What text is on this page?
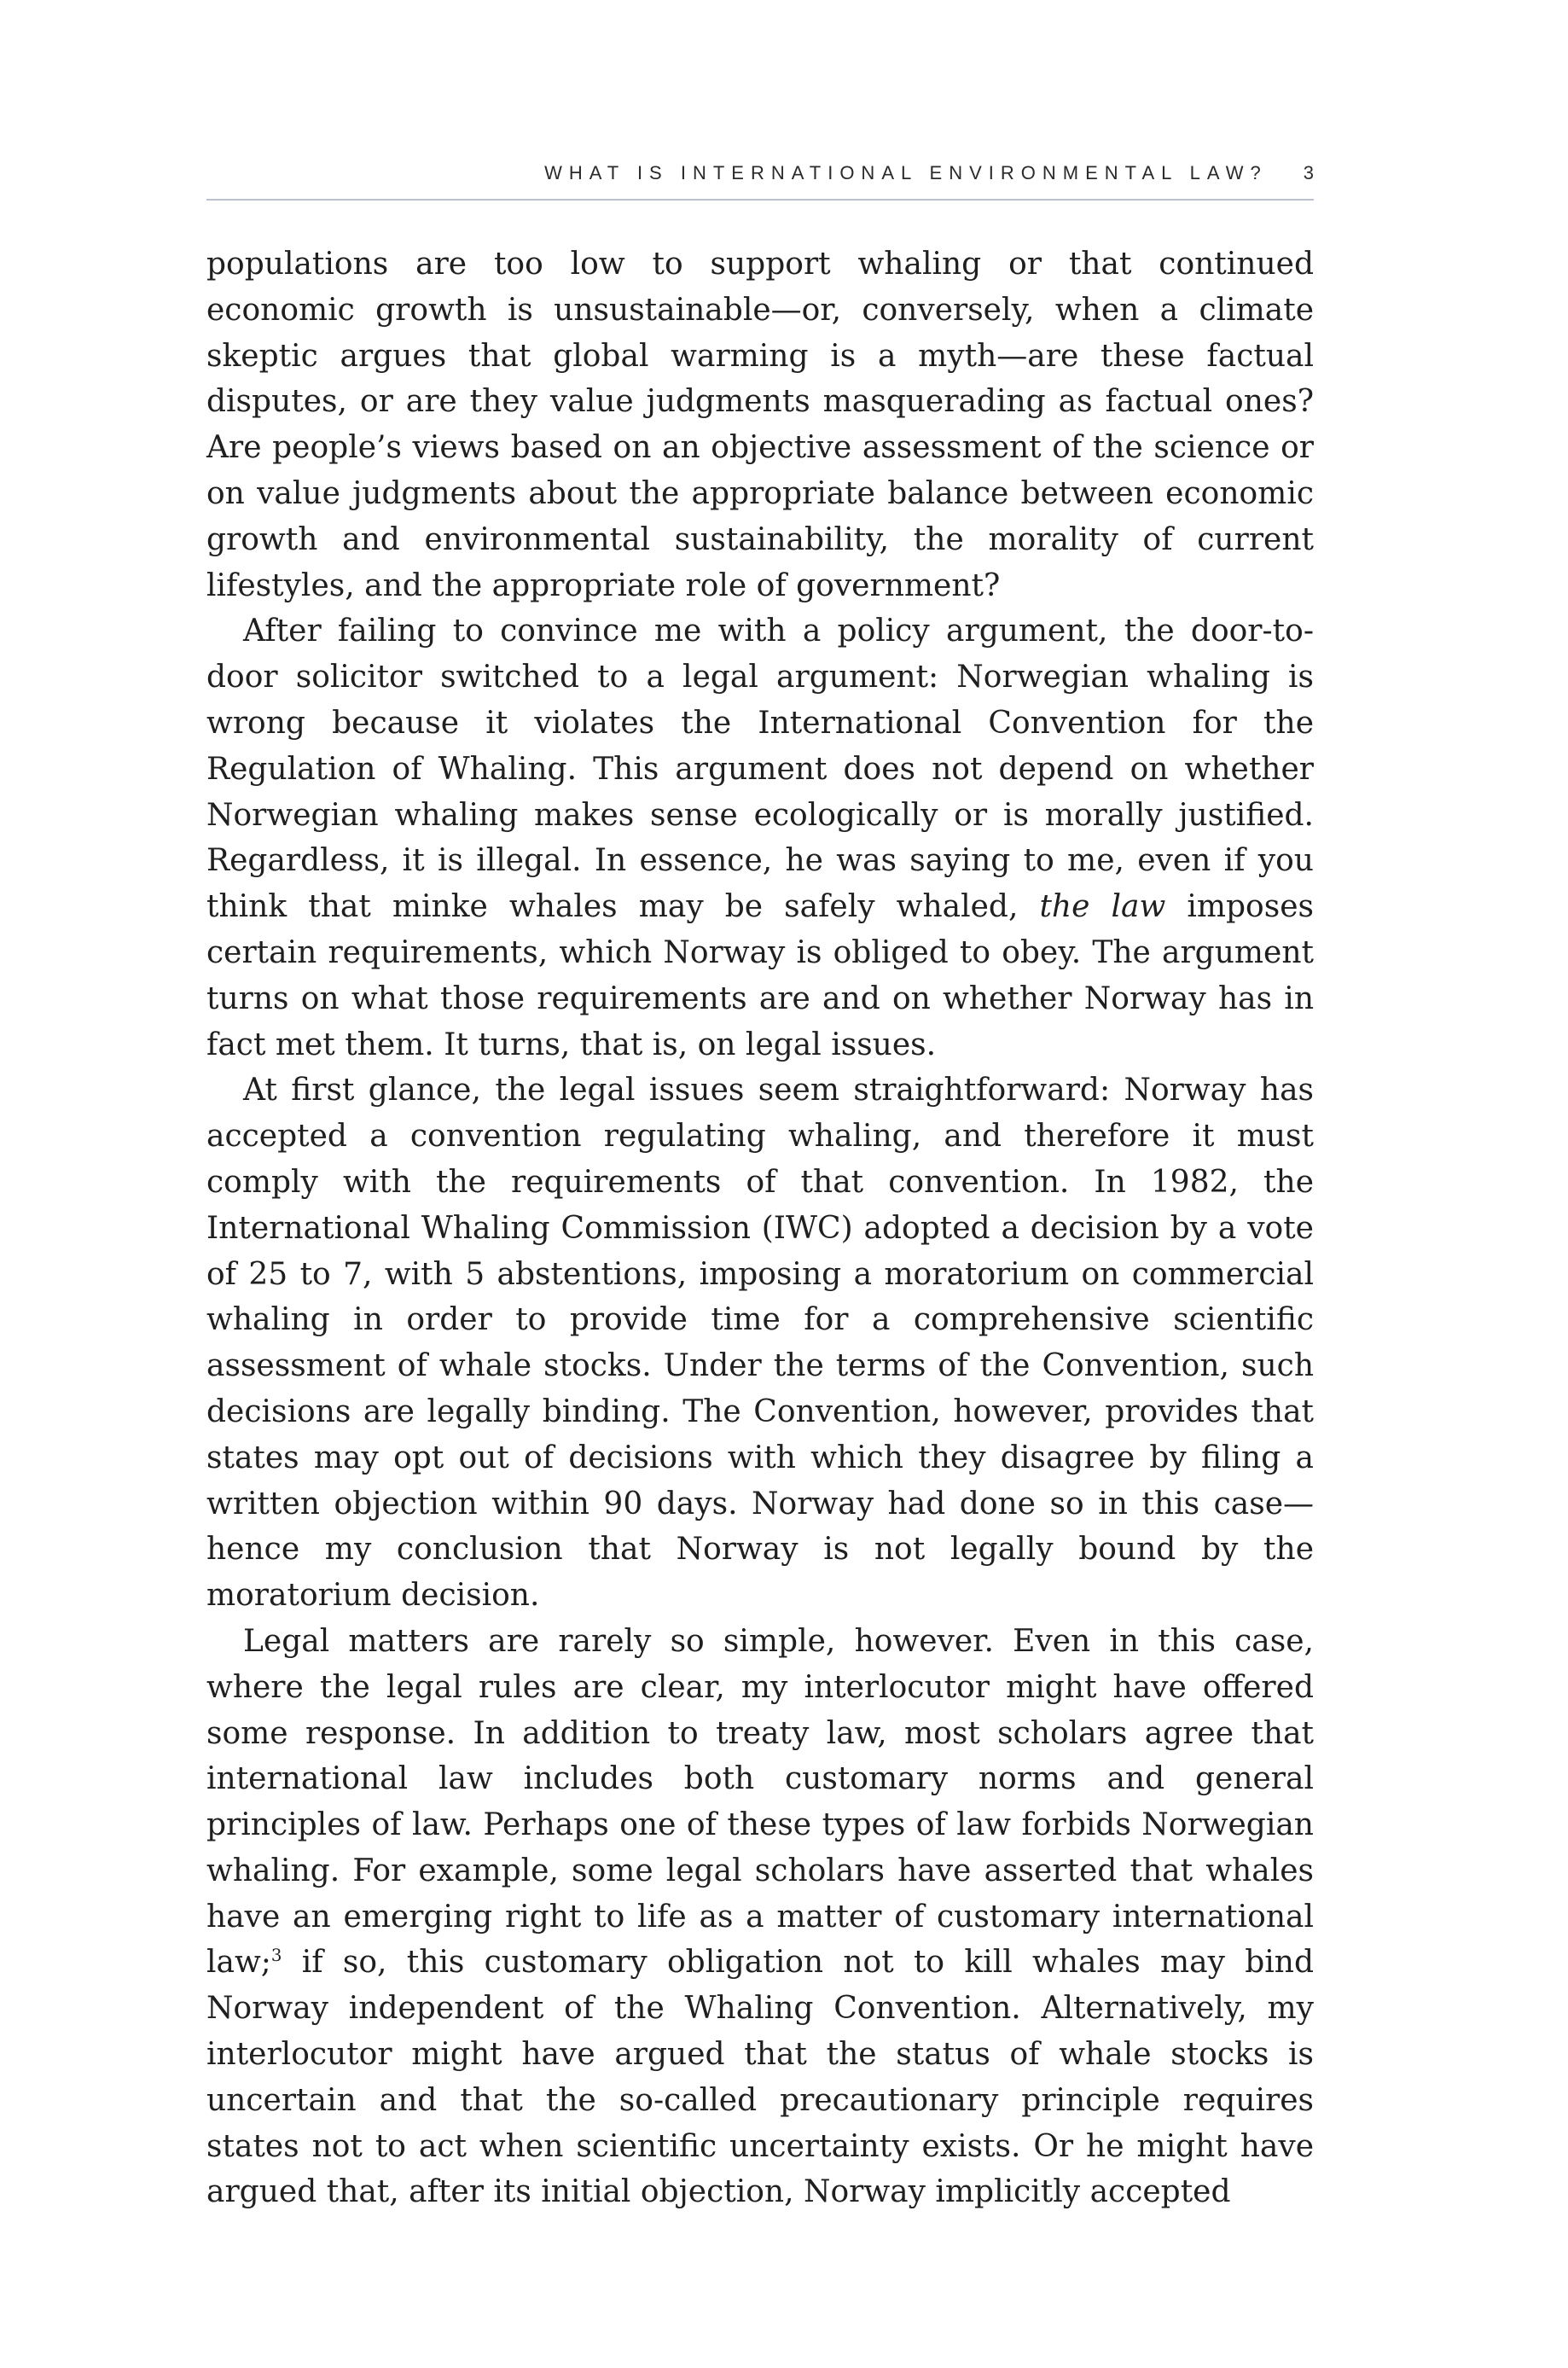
WHAT IS INTERNATIONAL ENVIRONMENTAL LAW? 3

populations are too low to support whaling or that continued economic growth is unsustainable—or, conversely, when a climate skeptic argues that global warming is a myth—are these factual disputes, or are they value judgments masquerading as factual ones? Are people’s views based on an objective assessment of the science or on value judgments about the appropriate balance between economic growth and environmental sustainability, the morality of current lifestyles, and the appropriate role of government?

After failing to convince me with a policy argument, the door-to-door solicitor switched to a legal argument: Norwegian whaling is wrong because it violates the International Convention for the Regulation of Whaling. This argument does not depend on whether Norwegian whaling makes sense ecologically or is morally justified. Regardless, it is illegal. In essence, he was saying to me, even if you think that minke whales may be safely whaled, the law imposes certain requirements, which Norway is obliged to obey. The argument turns on what those requirements are and on whether Norway has in fact met them. It turns, that is, on legal issues.

At first glance, the legal issues seem straightforward: Norway has accepted a convention regulating whaling, and therefore it must comply with the requirements of that convention. In 1982, the International Whaling Commission (IWC) adopted a decision by a vote of 25 to 7, with 5 abstentions, imposing a moratorium on commercial whaling in order to provide time for a comprehensive scientific assessment of whale stocks. Under the terms of the Convention, such decisions are legally binding. The Convention, however, provides that states may opt out of decisions with which they disagree by filing a written objection within 90 days. Norway had done so in this case—hence my conclusion that Norway is not legally bound by the moratorium decision.

Legal matters are rarely so simple, however. Even in this case, where the legal rules are clear, my interlocutor might have offered some response. In addition to treaty law, most scholars agree that international law includes both customary norms and general principles of law. Perhaps one of these types of law forbids Norwegian whaling. For example, some legal scholars have asserted that whales have an emerging right to life as a matter of customary international law;$^3$ if so, this customary obligation not to kill whales may bind Norway independent of the Whaling Convention. Alternatively, my interlocutor might have argued that the status of whale stocks is uncertain and that the so-called precautionary principle requires states not to act when scientific uncertainty exists. Or he might have argued that, after its initial objection, Norway implicitly accepted
